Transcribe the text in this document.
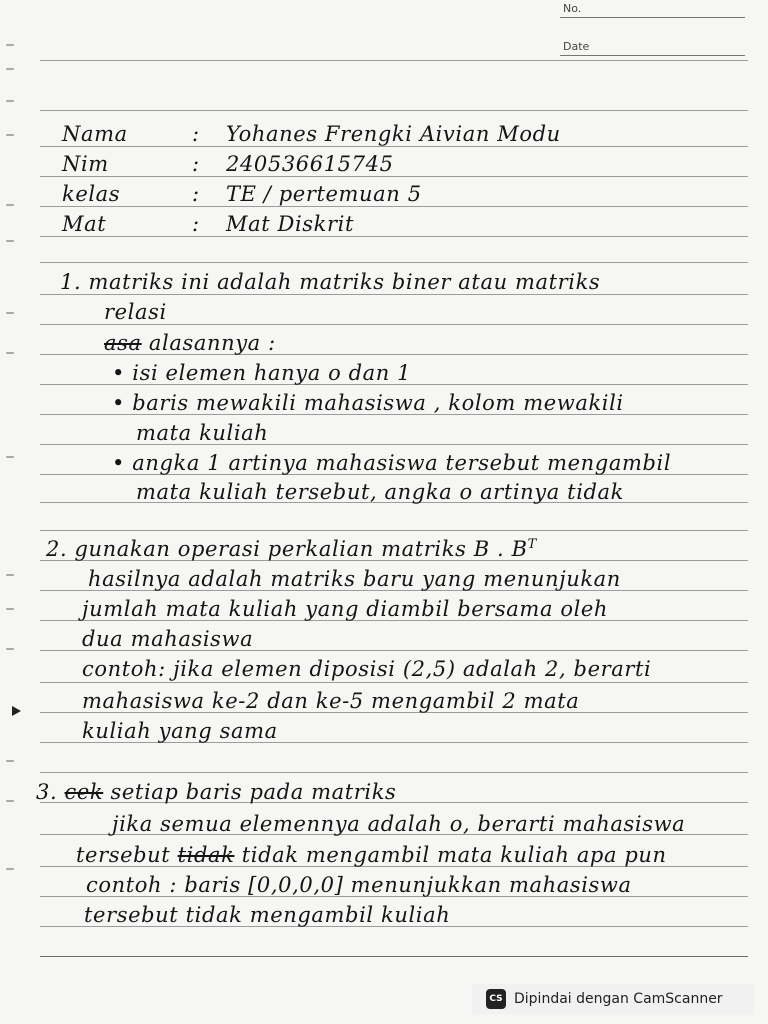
No.
Date
Nama	: Yohanes Frengki Aivian Modu
Nim	: 240536615745
kelas	: TE / pertemuan 5
Mat	: Mat Diskrit
1. matriks ini adalah matriks biner atau matriks
relasi
asa alasannya :
• isi elemen hanya o dan 1
• baris mewakili mahasiswa , kolom mewakili
mata kuliah
• angka 1 artinya mahasiswa tersebut mengambil
mata kuliah tersebut, angka o artinya tidak
2. gunakan operasi perkalian matriks B . $B^T$
hasilnya adalah matriks baru yang menunjukan
jumlah mata kuliah yang diambil bersama oleh
dua mahasiswa
contoh: jika elemen diposisi (2,5) adalah 2, berarti
mahasiswa ke-2 dan ke-5 mengambil 2 mata
kuliah yang sama
3. cek setiap baris pada matriks
jika semua elemennya adalah o, berarti mahasiswa
tersebut tidak tidak mengambil mata kuliah apa pun
contoh : baris [0,0,0,0] menunjukkan mahasiswa
tersebut tidak mengambil kuliah
CS Dipindai dengan CamScanner
